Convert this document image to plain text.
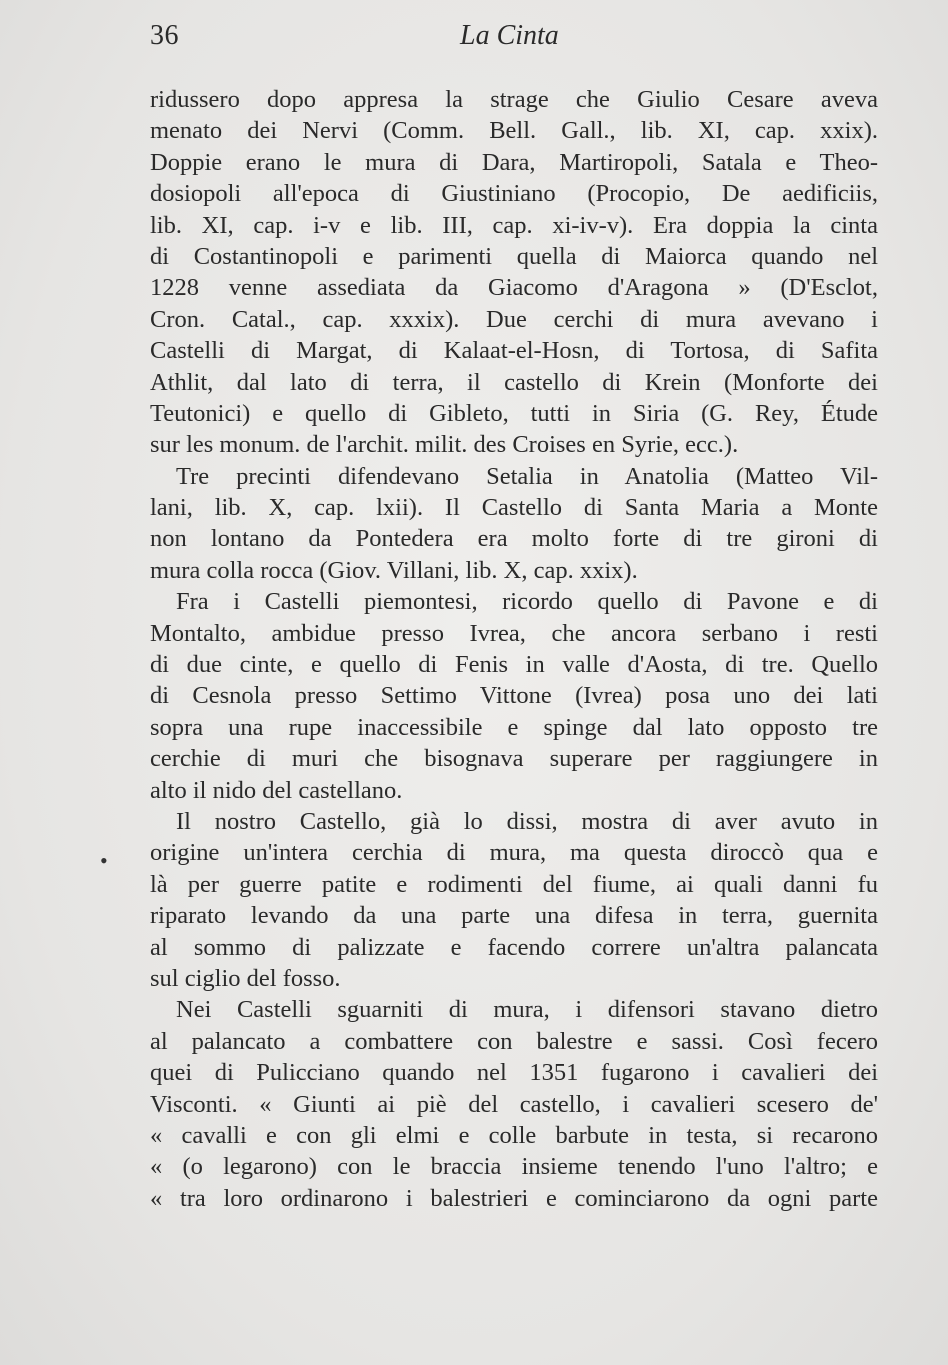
36	La Cinta
ridussero dopo appresa la strage che Giulio Cesare aveva
menato dei Nervi (Comm. Bell. Gall., lib. XI, cap. xxix).
Doppie erano le mura di Dara, Martiropoli, Satala e Theo-
dosiopoli all'epoca di Giustiniano (Procopio, De aedificiis,
lib. XI, cap. i-v e lib. III, cap. xi-iv-v). Era doppia la cinta
di Costantinopoli e parimenti quella di Maiorca quando nel
1228 venne assediata da Giacomo d'Aragona » (D'Esclot,
Cron. Catal., cap. xxxix). Due cerchi di mura avevano i
Castelli di Margat, di Kalaat-el-Hosn, di Tortosa, di Safita
Athlit, dal lato di terra, il castello di Krein (Monforte dei
Teutonici) e quello di Gibleto, tutti in Siria (G. Rey, Étude
sur les monum. de l'archit. milit. des Croises en Syrie, ecc.).
Tre precinti difendevano Setalia in Anatolia (Matteo Vil-
lani, lib. X, cap. lxii). Il Castello di Santa Maria a Monte
non lontano da Pontedera era molto forte di tre gironi di
mura colla rocca (Giov. Villani, lib. X, cap. xxix).
Fra i Castelli piemontesi, ricordo quello di Pavone e di
Montalto, ambidue presso Ivrea, che ancora serbano i resti
di due cinte, e quello di Fenis in valle d'Aosta, di tre. Quello
di Cesnola presso Settimo Vittone (Ivrea) posa uno dei lati
sopra una rupe inaccessibile e spinge dal lato opposto tre
cerchie di muri che bisognava superare per raggiungere in
alto il nido del castellano.
Il nostro Castello, già lo dissi, mostra di aver avuto in
origine un'intera cerchia di mura, ma questa diroccò qua e
là per guerre patite e rodimenti del fiume, ai quali danni fu
riparato levando da una parte una difesa in terra, guernita
al sommo di palizzate e facendo correre un'altra palancata
sul ciglio del fosso.
Nei Castelli sguarniti di mura, i difensori stavano dietro
al palancato a combattere con balestre e sassi. Così fecero
quei di Pulicciano quando nel 1351 fugarono i cavalieri dei
Visconti. « Giunti ai piè del castello, i cavalieri scesero de'
« cavalli e con gli elmi e colle barbute in testa, si recarono
« (o legarono) con le braccia insieme tenendo l'uno l'altro; e
« tra loro ordinarono i balestrieri e cominciarono da ogni parte
•
